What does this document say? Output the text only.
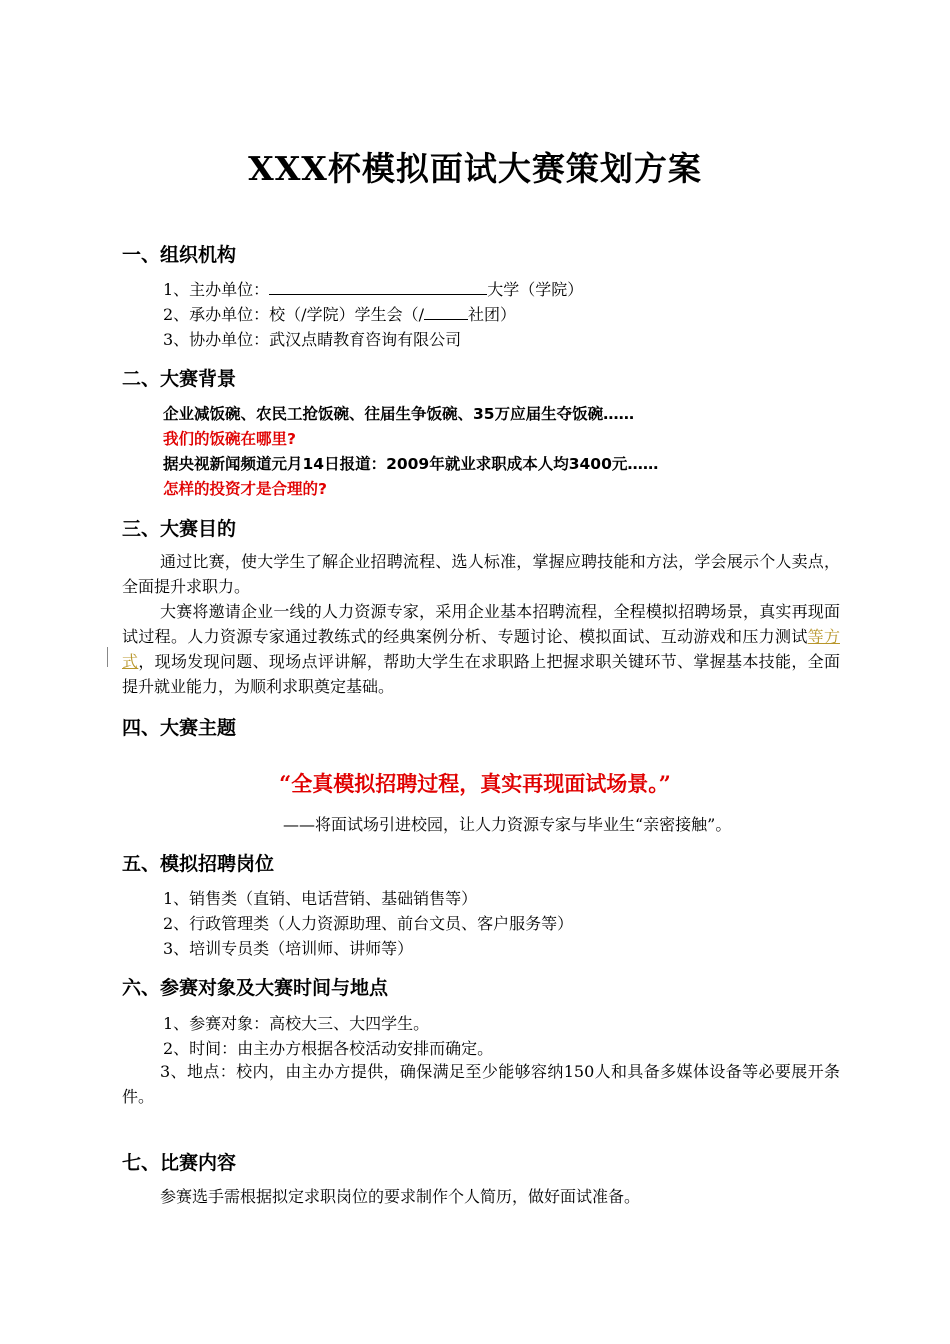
XXX杯模拟面试大赛策划方案
一、组织机构
1、主办单位：	大学（学院）
2、承办单位：校（/学院）学生会（/	社团）
3、协办单位：武汉点睛教育咨询有限公司
二、大赛背景
企业减饭碗、农民工抢饭碗、往届生争饭碗、35万应届生夺饭碗……
我们的饭碗在哪里?
据央视新闻频道元月14日报道：2009年就业求职成本人均3400元……
怎样的投资才是合理的?
三、大赛目的

通过比赛，使大学生了解企业招聘流程、选人标准，掌握应聘技能和方法，学会展示个人卖点，全面提升求职力。

大赛将邀请企业一线的人力资源专家，采用企业基本招聘流程，全程模拟招聘场景，真实再现面试过程。人力资源专家通过教练式的经典案例分析、专题讨论、模拟面试、互动游戏和压力测试等方式，现场发现问题、现场点评讲解，帮助大学生在求职路上把握求职关键环节、掌握基本技能，全面提升就业能力，为顺利求职奠定基础。

四、大赛主题
“全真模拟招聘过程，真实再现面试场景。”
——将面试场引进校园，让人力资源专家与毕业生“亲密接触”。
五、模拟招聘岗位
1、销售类（直销、电话营销、基础销售等）
2、行政管理类（人力资源助理、前台文员、客户服务等）
3、培训专员类（培训师、讲师等）
六、参赛对象及大赛时间与地点
1、参赛对象：高校大三、大四学生。
2、时间：由主办方根据各校活动安排而确定。

3、地点：校内，由主办方提供，确保满足至少能够容纳150人和具备多媒体设备等必要展开条件。

七、比赛内容

参赛选手需根据拟定求职岗位的要求制作个人简历，做好面试准备。
